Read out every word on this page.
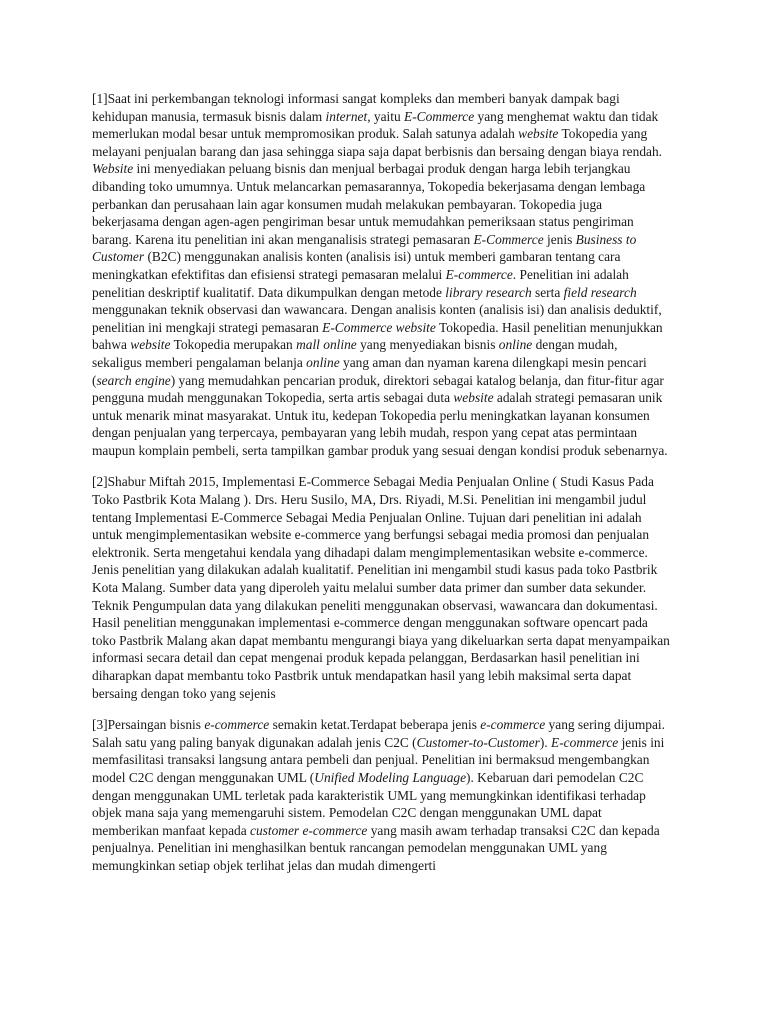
[1]Saat ini perkembangan teknologi informasi sangat kompleks dan memberi banyak dampak bagi kehidupan manusia, termasuk bisnis dalam internet, yaitu E-Commerce yang menghemat waktu dan tidak memerlukan modal besar untuk mempromosikan produk. Salah satunya adalah website Tokopedia yang melayani penjualan barang dan jasa sehingga siapa saja dapat berbisnis dan bersaing dengan biaya rendah. Website ini menyediakan peluang bisnis dan menjual berbagai produk dengan harga lebih terjangkau dibanding toko umumnya. Untuk melancarkan pemasarannya, Tokopedia bekerjasama dengan lembaga perbankan dan perusahaan lain agar konsumen mudah melakukan pembayaran. Tokopedia juga bekerjasama dengan agen-agen pengiriman besar untuk memudahkan pemeriksaan status pengiriman barang. Karena itu penelitian ini akan menganalisis strategi pemasaran E-Commerce jenis Business to Customer (B2C) menggunakan analisis konten (analisis isi) untuk memberi gambaran tentang cara meningkatkan efektifitas dan efisiensi strategi pemasaran melalui E-commerce. Penelitian ini adalah penelitian deskriptif kualitatif. Data dikumpulkan dengan metode library research serta field research menggunakan teknik observasi dan wawancara. Dengan analisis konten (analisis isi) dan analisis deduktif, penelitian ini mengkaji strategi pemasaran E-Commerce website Tokopedia. Hasil penelitian menunjukkan bahwa website Tokopedia merupakan mall online yang menyediakan bisnis online dengan mudah, sekaligus memberi pengalaman belanja online yang aman dan nyaman karena dilengkapi mesin pencari (search engine) yang memudahkan pencarian produk, direktori sebagai katalog belanja, dan fitur-fitur agar pengguna mudah menggunakan Tokopedia, serta artis sebagai duta website adalah strategi pemasaran unik untuk menarik minat masyarakat. Untuk itu, kedepan Tokopedia perlu meningkatkan layanan konsumen dengan penjualan yang terpercaya, pembayaran yang lebih mudah, respon yang cepat atas permintaan maupun komplain pembeli, serta tampilkan gambar produk yang sesuai dengan kondisi produk sebenarnya.

[2]Shabur Miftah 2015, Implementasi E-Commerce Sebagai Media Penjualan Online ( Studi Kasus Pada Toko Pastbrik Kota Malang ). Drs. Heru Susilo, MA, Drs. Riyadi, M.Si. Penelitian ini mengambil judul tentang Implementasi E-Commerce Sebagai Media Penjualan Online. Tujuan dari penelitian ini adalah untuk mengimplementasikan website e-commerce yang berfungsi sebagai media promosi dan penjualan elektronik. Serta mengetahui kendala yang dihadapi dalam mengimplementasikan website e-commerce. Jenis penelitian yang dilakukan adalah kualitatif. Penelitian ini mengambil studi kasus pada toko Pastbrik Kota Malang. Sumber data yang diperoleh yaitu melalui sumber data primer dan sumber data sekunder. Teknik Pengumpulan data yang dilakukan peneliti menggunakan observasi, wawancara dan dokumentasi. Hasil penelitian menggunakan implementasi e-commerce dengan menggunakan software opencart pada toko Pastbrik Malang akan dapat membantu mengurangi biaya yang dikeluarkan serta dapat menyampaikan informasi secara detail dan cepat mengenai produk kepada pelanggan, Berdasarkan hasil penelitian ini diharapkan dapat membantu toko Pastbrik untuk mendapatkan hasil yang lebih maksimal serta dapat bersaing dengan toko yang sejenis

[3]Persaingan bisnis e-commerce semakin ketat.Terdapat beberapa jenis e-commerce yang sering dijumpai. Salah satu yang paling banyak digunakan adalah jenis C2C (Customer-to-Customer). E-commerce jenis ini memfasilitasi transaksi langsung antara pembeli dan penjual. Penelitian ini bermaksud mengembangkan model C2C dengan menggunakan UML (Unified Modeling Language). Kebaruan dari pemodelan C2C dengan menggunakan UML terletak pada karakteristik UML yang memungkinkan identifikasi terhadap objek mana saja yang memengaruhi sistem. Pemodelan C2C dengan menggunakan UML dapat memberikan manfaat kepada customer e-commerce yang masih awam terhadap transaksi C2C dan kepada penjualnya. Penelitian ini menghasilkan bentuk rancangan pemodelan menggunakan UML yang memungkinkan setiap objek terlihat jelas dan mudah dimengerti
